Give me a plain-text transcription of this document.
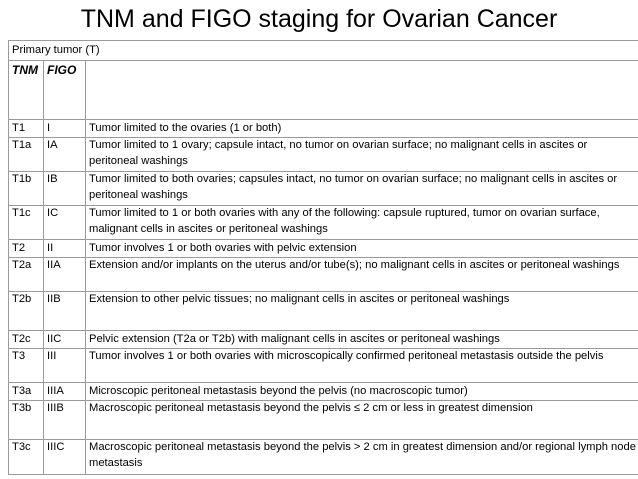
TNM and FIGO staging for Ovarian Cancer
Primary tumor (T)		
TNM	FIGO	
T1	I	Tumor limited to the ovaries (1 or both)
T1a	IA	Tumor limited to 1 ovary; capsule intact, no tumor on ovarian surface; no malignant cells in ascites or peritoneal washings
T1b	IB	Tumor limited to both ovaries; capsules intact, no tumor on ovarian surface; no malignant cells in ascites or peritoneal washings
T1c	IC	Tumor limited to 1 or both ovaries with any of the following: capsule ruptured, tumor on ovarian surface, malignant cells in ascites or peritoneal washings
T2	II	Tumor involves 1 or both ovaries with pelvic extension
T2a	IIA	Extension and/or implants on the uterus and/or tube(s); no malignant cells in ascites or peritoneal washings
T2b	IIB	Extension to other pelvic tissues; no malignant cells in ascites or peritoneal washings
T2c	IIC	Pelvic extension (T2a or T2b) with malignant cells in ascites or peritoneal washings
T3	III	Tumor involves 1 or both ovaries with microscopically confirmed peritoneal metastasis outside the pelvis
T3a	IIIA	Microscopic peritoneal metastasis beyond the pelvis (no macroscopic tumor)
T3b	IIIB	Macroscopic peritoneal metastasis beyond the pelvis ≤ 2 cm or less in greatest dimension
T3c	IIIC	Macroscopic peritoneal metastasis beyond the pelvis > 2 cm in greatest dimension and/or regional lymph node metastasis
